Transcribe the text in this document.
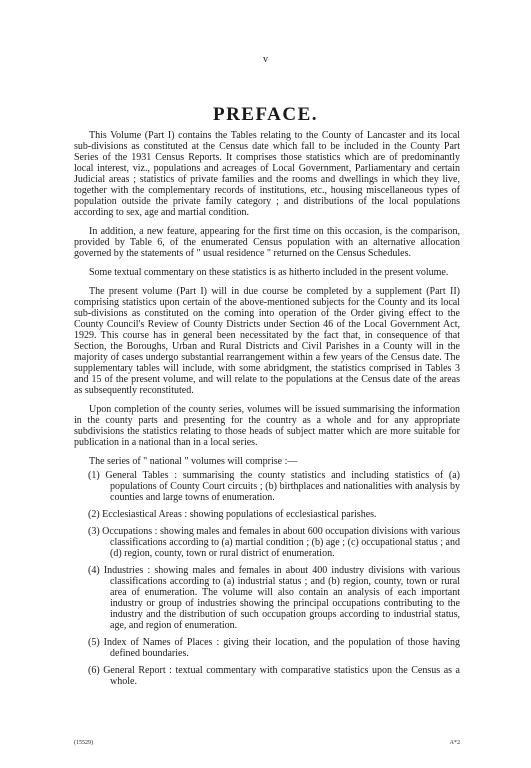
v
PREFACE.

This Volume (Part I) contains the Tables relating to the County of Lancaster and its local sub-divisions as constituted at the Census date which fall to be included in the County Part Series of the 1931 Census Reports. It comprises those statistics which are of predominantly local interest, viz., populations and acreages of Local Government, Parliamentary and certain Judicial areas ; statistics of private families and the rooms and dwellings in which they live, together with the complementary records of institutions, etc., housing miscellaneous types of population outside the private family category ; and distributions of the local populations according to sex, age and martial condition.

In addition, a new feature, appearing for the first time on this occasion, is the comparison, provided by Table 6, of the enumerated Census population with an alternative allocation governed by the statements of " usual residence " returned on the Census Schedules.

Some textual commentary on these statistics is as hitherto included in the present volume.

The present volume (Part I) will in due course be completed by a supplement (Part II) comprising statistics upon certain of the above-mentioned subjects for the County and its local sub-divisions as constituted on the coming into operation of the Order giving effect to the County Council's Review of County Districts under Section 46 of the Local Government Act, 1929. This course has in general been necessitated by the fact that, in consequence of that Section, the Boroughs, Urban and Rural Districts and Civil Parishes in a County will in the majority of cases undergo substantial rearrangement within a few years of the Census date. The supplementary tables will include, with some abridgment, the statistics comprised in Tables 3 and 15 of the present volume, and will relate to the populations at the Census date of the areas as subsequently reconstituted.

Upon completion of the county series, volumes will be issued summarising the information in the county parts and presenting for the country as a whole and for any appropriate subdivisions the statistics relating to those heads of subject matter which are more suitable for publication in a national than in a local series.

The series of " national " volumes will comprise :—

(1) General Tables : summarising the county statistics and including statistics of (a) populations of County Court circuits ; (b) birthplaces and nationalities with analysis by counties and large towns of enumeration.
(2) Ecclesiastical Areas : showing populations of ecclesiastical parishes.
(3) Occupations : showing males and females in about 600 occupation divisions with various classifications according to (a) martial condition ; (b) age ; (c) occupational status ; and (d) region, county, town or rural district of enumeration.
(4) Industries : showing males and females in about 400 industry divisions with various classifications according to (a) industrial status ; and (b) region, county, town or rural area of enumeration. The volume will also contain an analysis of each important industry or group of industries showing the principal occupations contributing to the industry and the distribution of such occupation groups according to industrial status, age, and region of enumeration.
(5) Index of Names of Places : giving their location, and the population of those having defined boundaries.
(6) General Report : textual commentary with comparative statistics upon the Census as a whole.
(15529)	A*2
